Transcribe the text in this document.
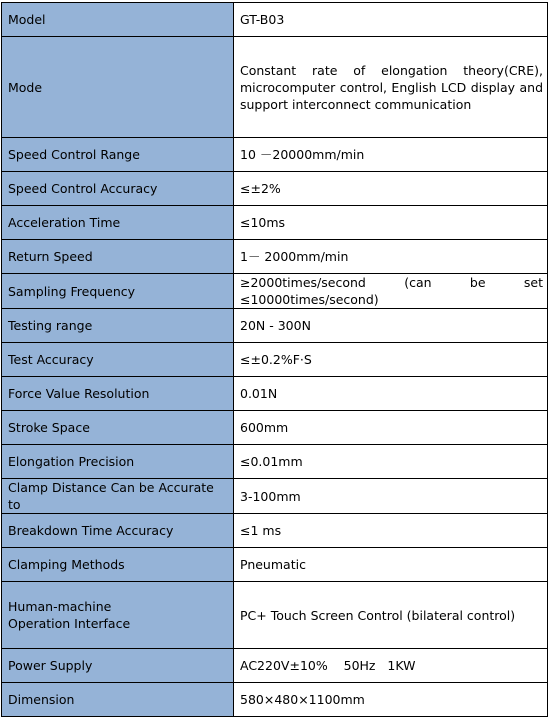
Model	GT-B03
Mode	Constant rate of elongation theory(CRE), microcomputer control, English LCD display and
support interconnect communication

Speed Control Range	10 －20000mm/min
Speed Control Accuracy	≤±2%
Acceleration Time	≤10ms
Return Speed	1－ 2000mm/min
Sampling Frequency	≥2000times/second (can be set
≤10000times/second)

Testing range	20N - 300N
Test Accuracy	≤±0.2%F·S
Force Value Resolution	0.01N
Stroke Space	600mm
Elongation Precision	≤0.01mm
Clamp Distance Can be Accurate to	3-100mm
Breakdown Time Accuracy	≤1 ms
Clamping Methods	Pneumatic

Human-machine
Operation Interface	PC+ Touch Screen Control (bilateral control)
Power Supply	AC220V±10%    50Hz   1KW
Dimension	580×480×1100mm
